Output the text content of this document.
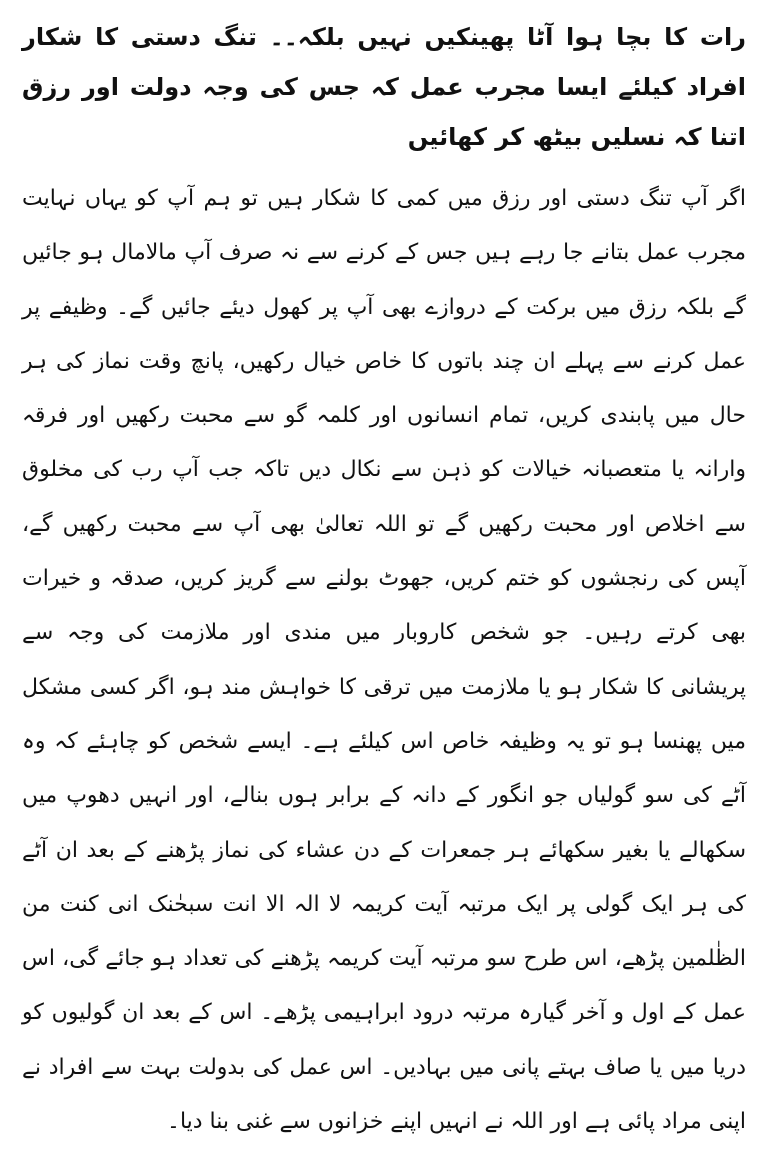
رات کا بچا ہوا آٹا پھینکیں نہیں بلکہ۔۔ تنگ دستی کا شکار افراد کیلئے ایسا مجرب عمل کہ جس کی وجہ دولت اور رزق اتنا کہ نسلیں بیٹھ کر کھائیں

اگر آپ تنگ دستی اور رزق میں کمی کا شکار ہیں تو ہم آپ کو یہاں نہایت مجرب عمل بتانے جا رہے ہیں جس کے کرنے سے نہ صرف آپ مالامال ہو جائیں گے بلکہ رزق میں برکت کے دروازے بھی آپ پر کھول دیئے جائیں گے۔ وظیفے پر عمل کرنے سے پہلے ان چند باتوں کا خاص خیال رکھیں، پانچ وقت نماز کی ہر حال میں پابندی کریں، تمام انسانوں اور کلمہ گو سے محبت رکھیں اور فرقہ وارانہ یا متعصبانہ خیالات کو ذہن سے نکال دیں تاکہ جب آپ رب کی مخلوق سے اخلاص اور محبت رکھیں گے تو اللہ تعالیٰ بھی آپ سے محبت رکھیں گے، آپس کی رنجشوں کو ختم کریں، جھوٹ بولنے سے گریز کریں، صدقہ و خیرات بھی کرتے رہیں۔ جو شخص کاروبار میں مندی اور ملازمت کی وجہ سے پریشانی کا شکار ہو یا ملازمت میں ترقی کا خواہش مند ہو، اگر کسی مشکل میں پھنسا ہو تو یہ وظیفہ خاص اس کیلئے ہے۔ ایسے شخص کو چاہئے کہ وہ آٹے کی سو گولیاں جو انگور کے دانہ کے برابر ہوں بنالے، اور انہیں دھوپ میں سکھالے یا بغیر سکھائے ہر جمعرات کے دن عشاء کی نماز پڑھنے کے بعد ان آٹے کی ہر ایک گولی پر ایک مرتبہ آیت کریمہ لا الہ الا انت سبحٰنک انی کنت من الظٰلمین پڑھے، اس طرح سو مرتبہ آیت کریمہ پڑھنے کی تعداد ہو جائے گی، اس عمل کے اول و آخر گیارہ مرتبہ درود ابراہیمی پڑھے۔ اس کے بعد ان گولیوں کو دریا میں یا صاف بہتے پانی میں بہادیں۔ اس عمل کی بدولت بہت سے افراد نے اپنی مراد پائی ہے اور اللہ نے انہیں اپنے خزانوں سے غنی بنا دیا۔
